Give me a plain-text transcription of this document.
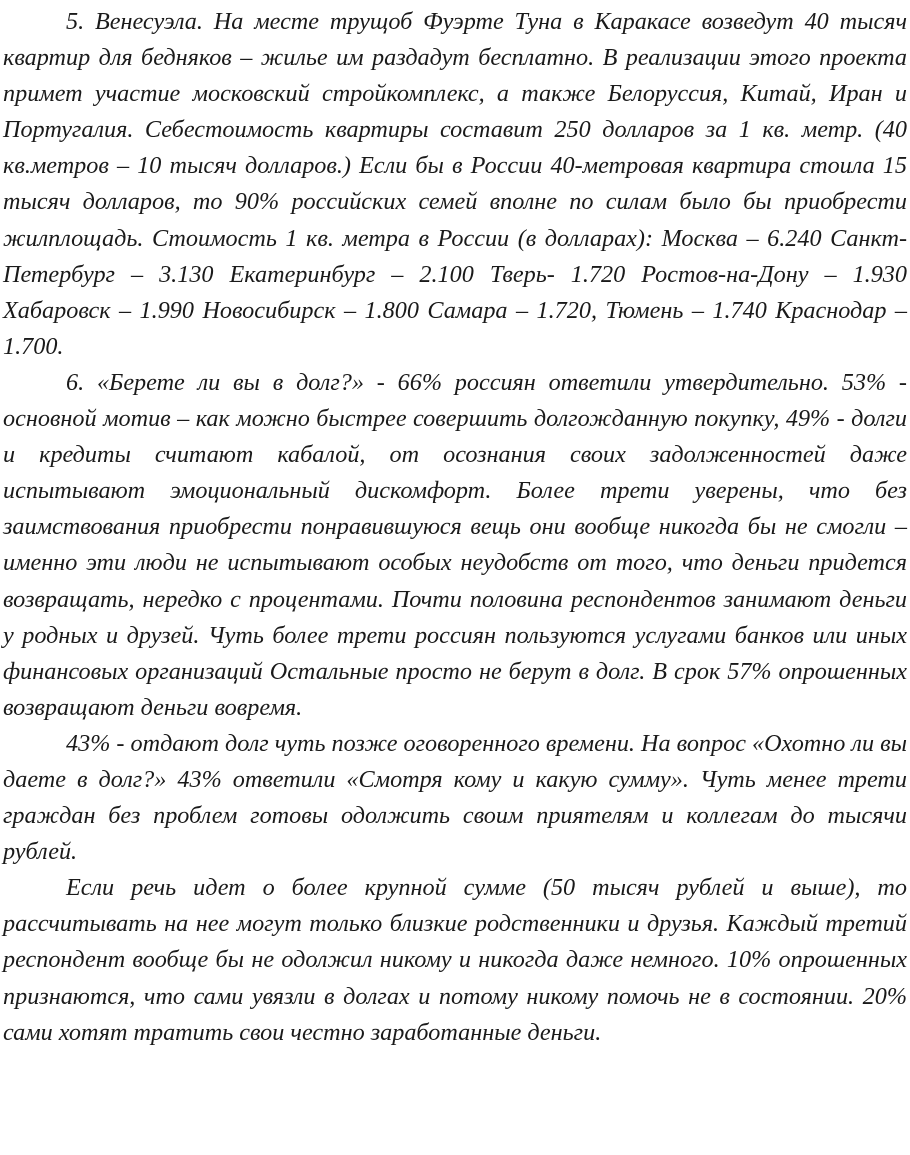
5. Венесуэла. На месте трущоб Фуэрте Туна в Каракасе возведут 40 тысяч квартир для бедняков – жилье им раздадут бесплатно. В реализации этого проекта примет участие московский стройкомплекс, а также Белоруссия, Китай, Иран и Португалия. Себестоимость квартиры составит 250 долларов за 1 кв. метр. (40 кв.метров – 10 тысяч долларов.) Если бы в России 40-метровая квартира стоила 15 тысяч долларов, то 90% российских семей вполне по силам было бы приобрести жилплощадь. Стоимость 1 кв. метра в России (в долларах): Москва – 6.240 Санкт-Петербург – 3.130 Екатеринбург – 2.100 Тверь- 1.720 Ростов-на-Дону – 1.930 Хабаровск – 1.990 Новосибирск – 1.800 Самара – 1.720, Тюмень – 1.740 Краснодар – 1.700.

6. «Берете ли вы в долг?» - 66% россиян ответили утвердительно. 53% - основной мотив – как можно быстрее совершить долгожданную покупку, 49% - долги и кредиты считают кабалой, от осознания своих задолженностей даже испытывают эмоциональный дискомфорт. Более трети уверены, что без заимствования приобрести понравившуюся вещь они вообще никогда бы не смогли – именно эти люди не испытывают особых неудобств от того, что деньги придется возвращать, нередко с процентами. Почти половина респондентов занимают деньги у родных и друзей. Чуть более трети россиян пользуются услугами банков или иных финансовых организаций Остальные просто не берут в долг. В срок 57% опрошенных возвращают деньги вовремя.

43% - отдают долг чуть позже оговоренного времени. На вопрос «Охотно ли вы даете в долг?» 43% ответили «Смотря кому и какую сумму». Чуть менее трети граждан без проблем готовы одолжить своим приятелям и коллегам до тысячи рублей.

Если речь идет о более крупной сумме (50 тысяч рублей и выше), то рассчитывать на нее могут только близкие родственники и друзья. Каждый третий респондент вообще бы не одолжил никому и никогда даже немного. 10% опрошенных признаются, что сами увязли в долгах и потому никому помочь не в состоянии. 20% сами хотят тратить свои честно заработанные деньги.
